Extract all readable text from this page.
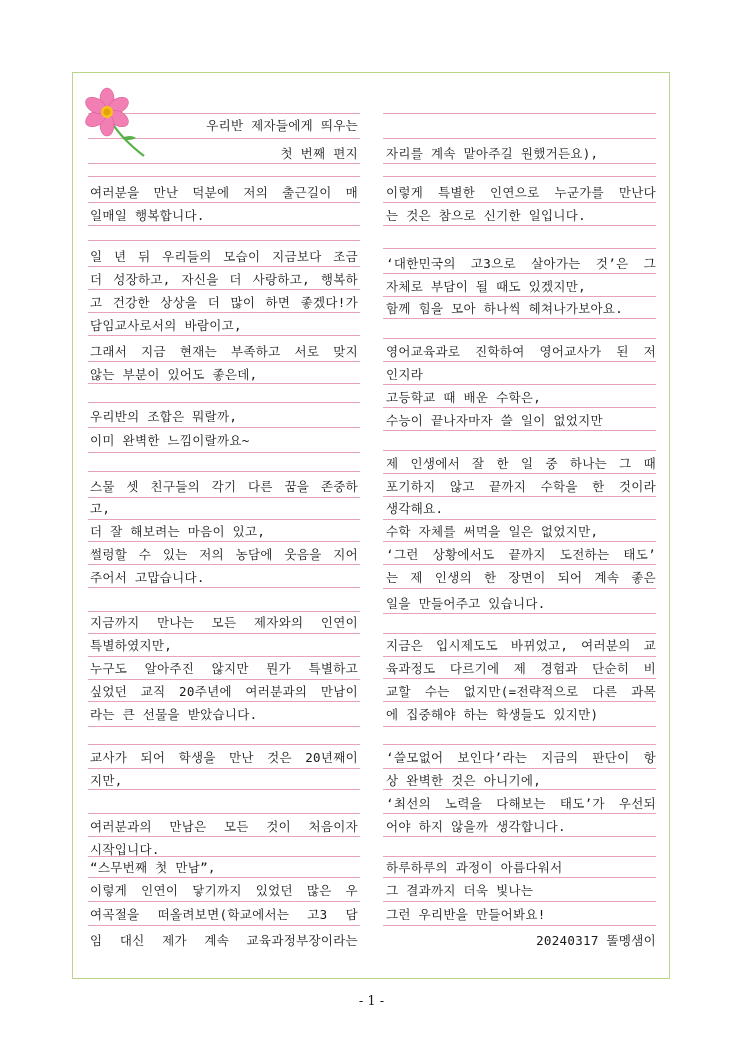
우리반 제자들에게 띄우는
첫 번째 편지
여러분을 만난 덕분에 저의 출근길이 매
일매일 행복합니다.
일 년 뒤 우리들의 모습이 지금보다 조금
더 성장하고, 자신을 더 사랑하고, 행복하
고 건강한 상상을 더 많이 하면 좋겠다!가
담임교사로서의 바람이고,
그래서 지금 현재는 부족하고 서로 맞지
않는 부분이 있어도 좋은데,
우리반의 조합은 뭐랄까,
이미 완벽한 느낌이랄까요~
스물 셋 친구들의 각기 다른 꿈을 존중하
고,
더 잘 해보려는 마음이 있고,
썰렁할 수 있는 저의 농담에 웃음을 지어
주어서 고맙습니다.
지금까지 만나는 모든 제자와의 인연이
특별하였지만,
누구도 알아주진 않지만 뭔가 특별하고
싶었던 교직 20주년에 여러분과의 만남이
라는 큰 선물을 받았습니다.
교사가 되어 학생을 만난 것은 20년째이
지만,
여러분과의 만남은 모든 것이 처음이자
시작입니다.
“스무번째 첫 만남”,
이렇게 인연이 닿기까지 있었던 많은 우
여곡절을 떠올려보면(학교에서는 고3 담
임 대신 제가 계속 교육과정부장이라는
자리를 계속 맡아주길 원했거든요),
이렇게 특별한 인연으로 누군가를 만난다
는 것은 참으로 신기한 일입니다.
‘대한민국의 고3으로 살아가는 것’은 그
자체로 부담이 될 때도 있겠지만,
함께 힘을 모아 하나씩 헤쳐나가보아요.
영어교육과로 진학하여 영어교사가 된 저
인지라
고등학교 때 배운 수학은,
수능이 끝나자마자 쓸 일이 없었지만
제 인생에서 잘 한 일 중 하나는 그 때
포기하지 않고 끝까지 수학을 한 것이라
생각해요.
수학 자체를 써먹을 일은 없었지만,
‘그런 상황에서도 끝까지 도전하는 태도’
는 제 인생의 한 장면이 되어 계속 좋은
일을 만들어주고 있습니다.
지금은 입시제도도 바뀌었고, 여러분의 교
육과정도 다르기에 제 경험과 단순히 비
교할 수는 없지만(=전략적으로 다른 과목
에 집중해야 하는 학생들도 있지만)
‘쓸모없어 보인다’라는 지금의 판단이 항
상 완벽한 것은 아니기에,
‘최선의 노력을 다해보는 태도’가 우선되
어야 하지 않을까 생각합니다.
하루하루의 과정이 아름다워서
그 결과까지 더욱 빛나는
그런 우리반을 만들어봐요!
20240317 똘멩샘이
- 1 -
